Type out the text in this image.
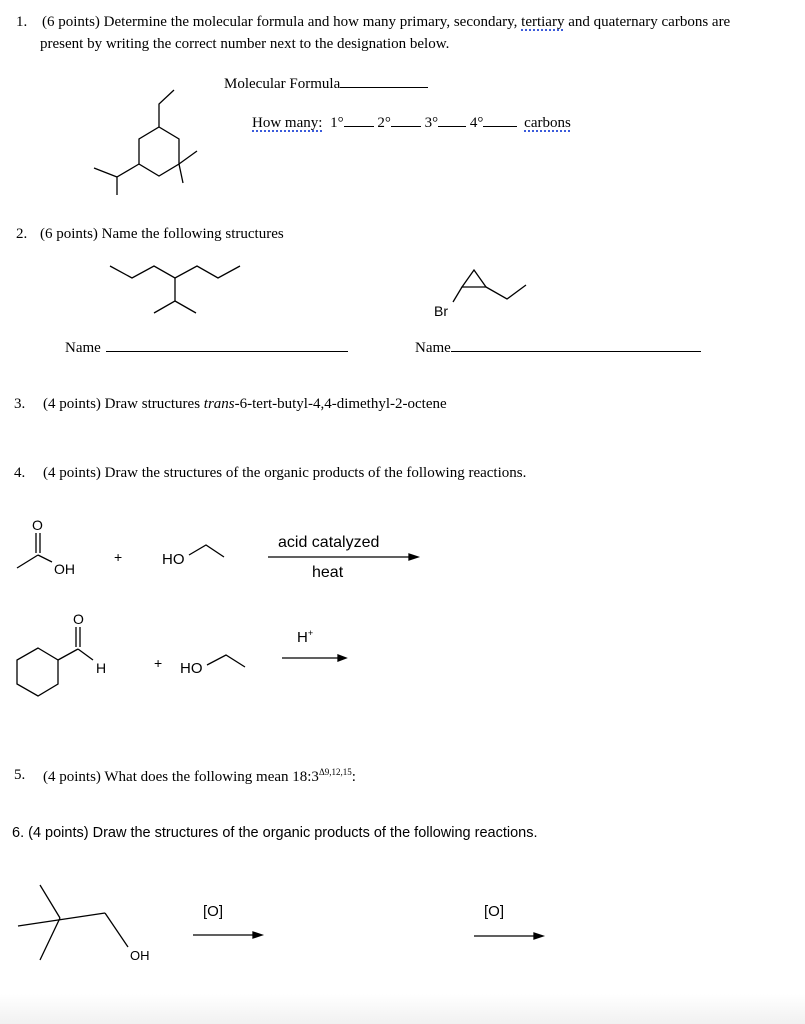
1. (6 points) Determine the molecular formula and how many primary, secondary, tertiary and quaternary carbons are
present by writing the correct number next to the designation below.
Molecular Formula
How many: 1° 2° 3° 4°	carbons
2. (6 points) Name the following structures
Br
Name	Name
3. (4 points) Draw structures trans-6-tert-butyl-4,4-dimethyl-2-octene
4. (4 points) Draw the structures of the organic products of the following reactions.
O
OH
+	HO
acid catalyzed
heat
O
H	+ HO
H+
5. (4 points) What does the following mean $18:3^{\Delta 9,12,15}$:
6. (4 points) Draw the structures of the organic products of the following reactions.
OH
[O]	[O]
